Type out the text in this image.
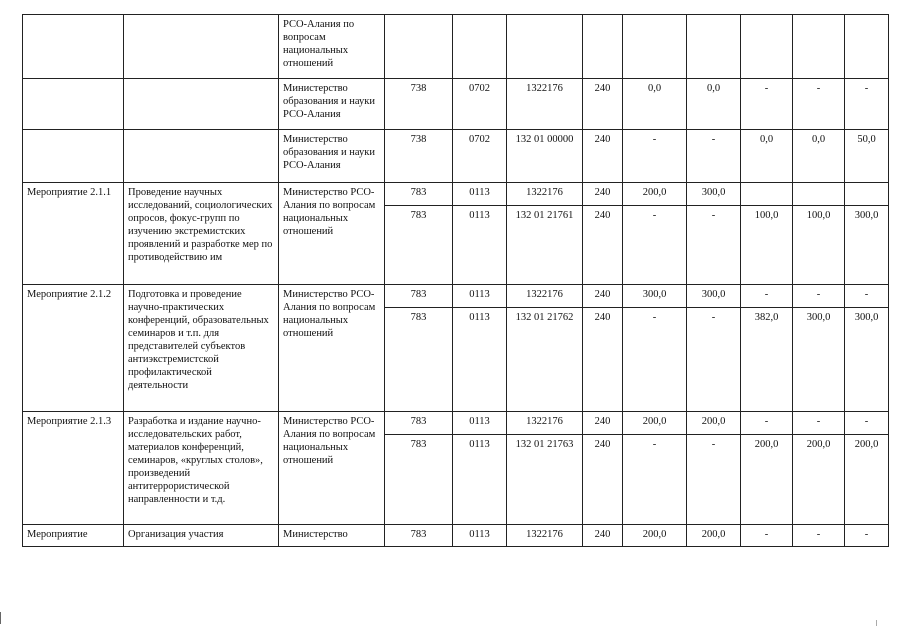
		РСО-Алания по вопросам национальных отношений									
		Министерство образования и науки РСО-Алания	738	0702	1322176	240	0,0	0,0	-	-	-
		Министерство образования и науки РСО-Алания	738	0702	132 01 00000	240	-	-	0,0	0,0	50,0
Мероприятие 2.1.1	Проведение научных исследований, социологических опросов, фокус-групп по изучению экстремистских проявлений и разработке мер по противодействию им	Министерство РСО-Алания по вопросам национальных отношений	783	0113	1322176	240	200,0	300,0			
			783	0113	132 01 21761	240	-	-	100,0	100,0	300,0
Мероприятие 2.1.2	Подготовка и проведение научно-практических конференций, образовательных семинаров и т.п. для представителей субъектов антиэкстремистской профилактической деятельности	Министерство РСО-Алания по вопросам национальных отношений	783	0113	1322176	240	300,0	300,0	-	-	-
			783	0113	132 01 21762	240	-	-	382,0	300,0	300,0
Мероприятие 2.1.3	Разработка и издание научно-исследовательских работ, материалов конференций, семинаров, «круглых столов», произведений антитеррористической направленности и т.д.	Министерство РСО-Алания по вопросам национальных отношений	783	0113	1322176	240	200,0	200,0	-	-	-
			783	0113	132 01 21763	240	-	-	200,0	200,0	200,0
Мероприятие	Организация участия	Министерство	783	0113	1322176	240	200,0	200,0	-	-	-
